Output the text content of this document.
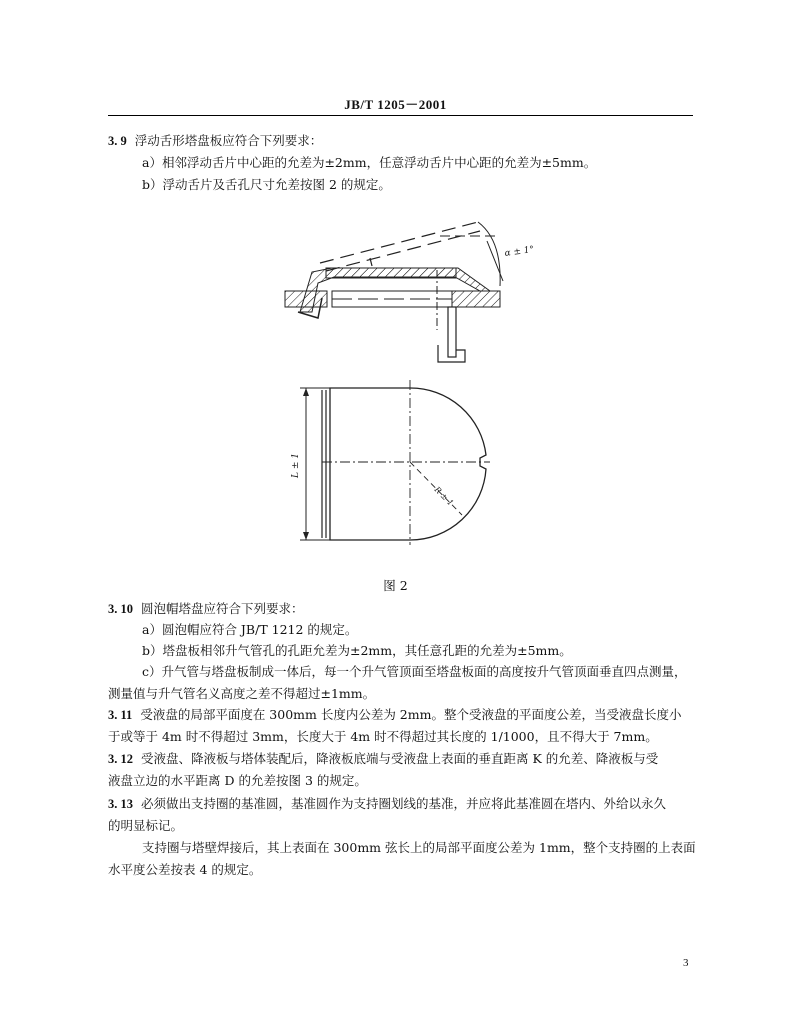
JB/T 1205－2001
3. 9 浮动舌形塔盘板应符合下列要求：
a）相邻浮动舌片中心距的允差为±2mm，任意浮动舌片中心距的允差为±5mm。
b）浮动舌片及舌孔尺寸允差按图 2 的规定。
α ± 1°
L ± 1
R ± 1
图 2
3. 10 圆泡帽塔盘应符合下列要求：
a）圆泡帽应符合 JB/T 1212 的规定。
b）塔盘板相邻升气管孔的孔距允差为±2mm，其任意孔距的允差为±5mm。
c）升气管与塔盘板制成一体后，每一个升气管顶面至塔盘板面的高度按升气管顶面垂直四点测量，
测量值与升气管名义高度之差不得超过±1mm。
3. 11 受液盘的局部平面度在 300mm 长度内公差为 2mm。整个受液盘的平面度公差，当受液盘长度小
于或等于 4m 时不得超过 3mm，长度大于 4m 时不得超过其长度的 1/1000，且不得大于 7mm。
3. 12 受液盘、降液板与塔体装配后，降液板底端与受液盘上表面的垂直距离 K 的允差、降液板与受
液盘立边的水平距离 D 的允差按图 3 的规定。
3. 13 必须做出支持圈的基准圆，基准圆作为支持圈划线的基准，并应将此基准圆在塔内、外给以永久
的明显标记。
支持圈与塔壁焊接后，其上表面在 300mm 弦长上的局部平面度公差为 1mm，整个支持圈的上表面
水平度公差按表 4 的规定。
3
